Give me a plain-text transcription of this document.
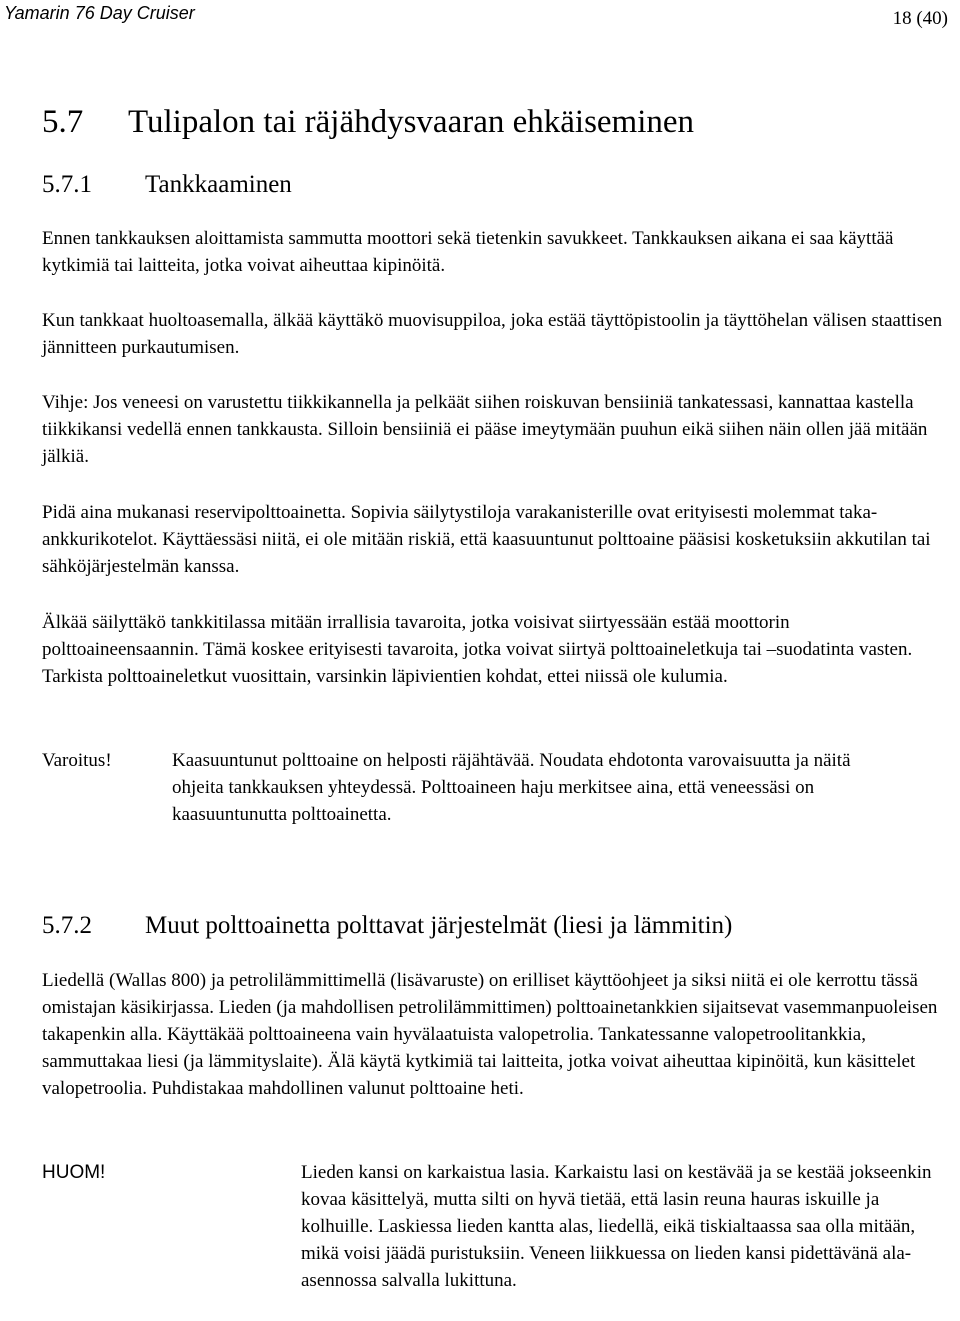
Yamarin 76 Day Cruiser	18 (40)
5.7 Tulipalon tai räjähdysvaaran ehkäiseminen
5.7.1 Tankkaaminen

Ennen tankkauksen aloittamista sammutta moottori sekä tietenkin savukkeet. Tankkauksen aikana ei saa käyttää kytkimiä tai laitteita, jotka voivat aiheuttaa kipinöitä.

Kun tankkaat huoltoasemalla, älkää käyttäkö muovisuppiloa, joka estää täyttöpistoolin ja täyttöhelan välisen staattisen jännitteen purkautumisen.

Vihje: Jos veneesi on varustettu tiikkikannella ja pelkäät siihen roiskuvan bensiiniä tankatessasi, kannattaa kastella tiikkikansi vedellä ennen tankkausta. Silloin bensiiniä ei pääse imeytymään puuhun eikä siihen näin ollen jää mitään jälkiä.

Pidä aina mukanasi reservipolttoainetta. Sopivia säilytystiloja varakanisterille ovat erityisesti molemmat taka-ankkurikotelot. Käyttäessäsi niitä, ei ole mitään riskiä, että kaasuuntunut polttoaine pääsisi kosketuksiin akkutilan tai sähköjärjestelmän kanssa.

Älkää säilyttäkö tankkitilassa mitään irrallisia tavaroita, jotka voisivat siirtyessään estää moottorin polttoaineensaannin. Tämä koskee erityisesti tavaroita, jotka voivat siirtyä polttoaineletkuja tai –suodatinta vasten. Tarkista polttoaineletkut vuosittain, varsinkin läpivientien kohdat, ettei niissä ole kulumia.

Varoitus!	Kaasuuntunut polttoaine on helposti räjähtävää. Noudata ehdotonta varovaisuutta ja näitä ohjeita tankkauksen yhteydessä. Polttoaineen haju merkitsee aina, että veneessäsi on kaasuuntunutta polttoainetta.

5.7.2 Muut polttoainetta polttavat järjestelmät (liesi ja lämmitin)

Liedellä (Wallas 800) ja petrolilämmittimellä (lisävaruste) on erilliset käyttöohjeet ja siksi niitä ei ole kerrottu tässä omistajan käsikirjassa. Lieden (ja mahdollisen petrolilämmittimen) polttoainetankkien sijaitsevat vasemmanpuoleisen takapenkin alla. Käyttäkää polttoaineena vain hyvälaatuista valopetrolia. Tankatessanne valopetroolitankkia, sammuttakaa liesi (ja lämmityslaite). Älä käytä kytkimiä tai laitteita, jotka voivat aiheuttaa kipinöitä, kun käsittelet valopetroolia. Puhdistakaa mahdollinen valunut polttoaine heti.

HUOM!	Lieden kansi on karkaistua lasia. Karkaistu lasi on kestävää ja se kestää jokseenkin kovaa käsittelyä, mutta silti on hyvä tietää, että lasin reuna hauras iskuille ja kolhuille. Laskiessa lieden kantta alas, liedellä, eikä tiskialtaassa saa olla mitään, mikä voisi jäädä puristuksiin. Veneen liikkuessa on lieden kansi pidettävänä ala-asennossa salvalla lukittuna.
